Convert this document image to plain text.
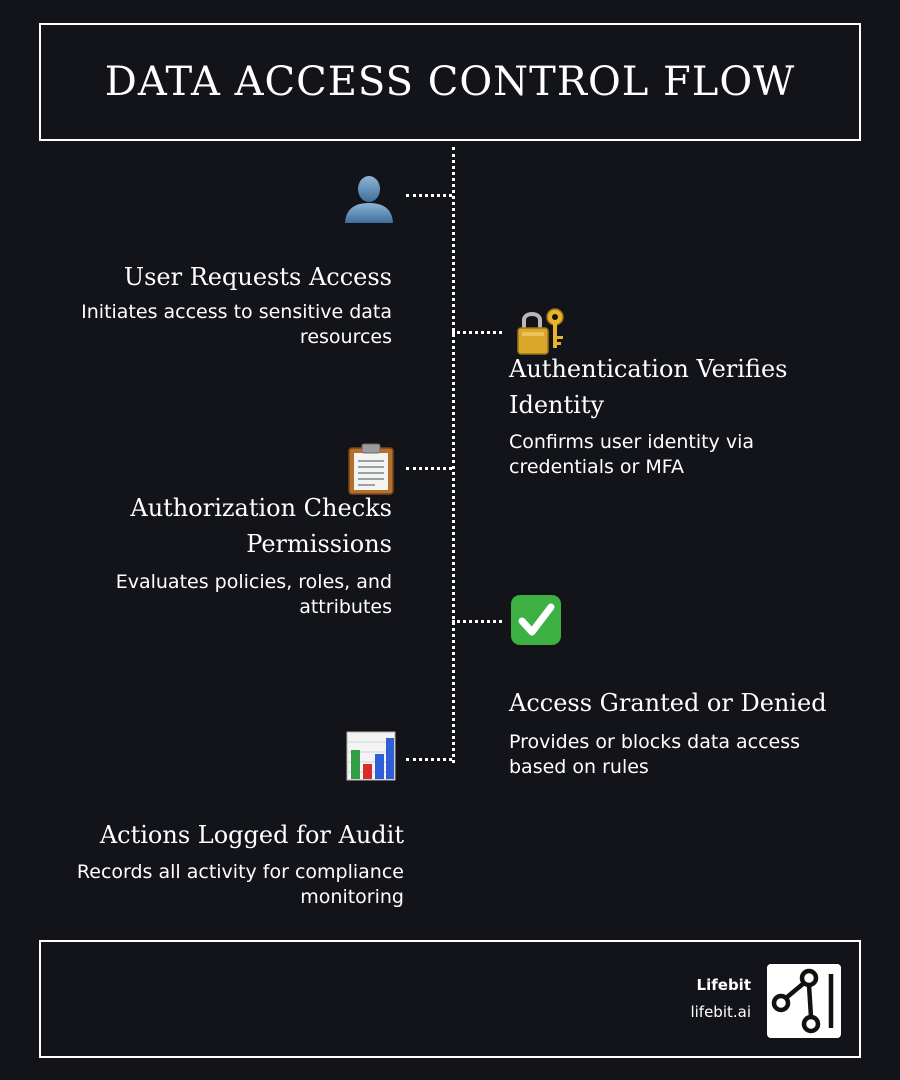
DATA ACCESS CONTROL FLOW
User Requests Access
Initiates access to sensitive data resources
Authentication Verifies Identity
Confirms user identity via credentials or MFA
Authorization Checks Permissions
Evaluates policies, roles, and attributes
Access Granted or Denied
Provides or blocks data access based on rules
Actions Logged for Audit
Records all activity for compliance monitoring
Lifebit
lifebit.ai
